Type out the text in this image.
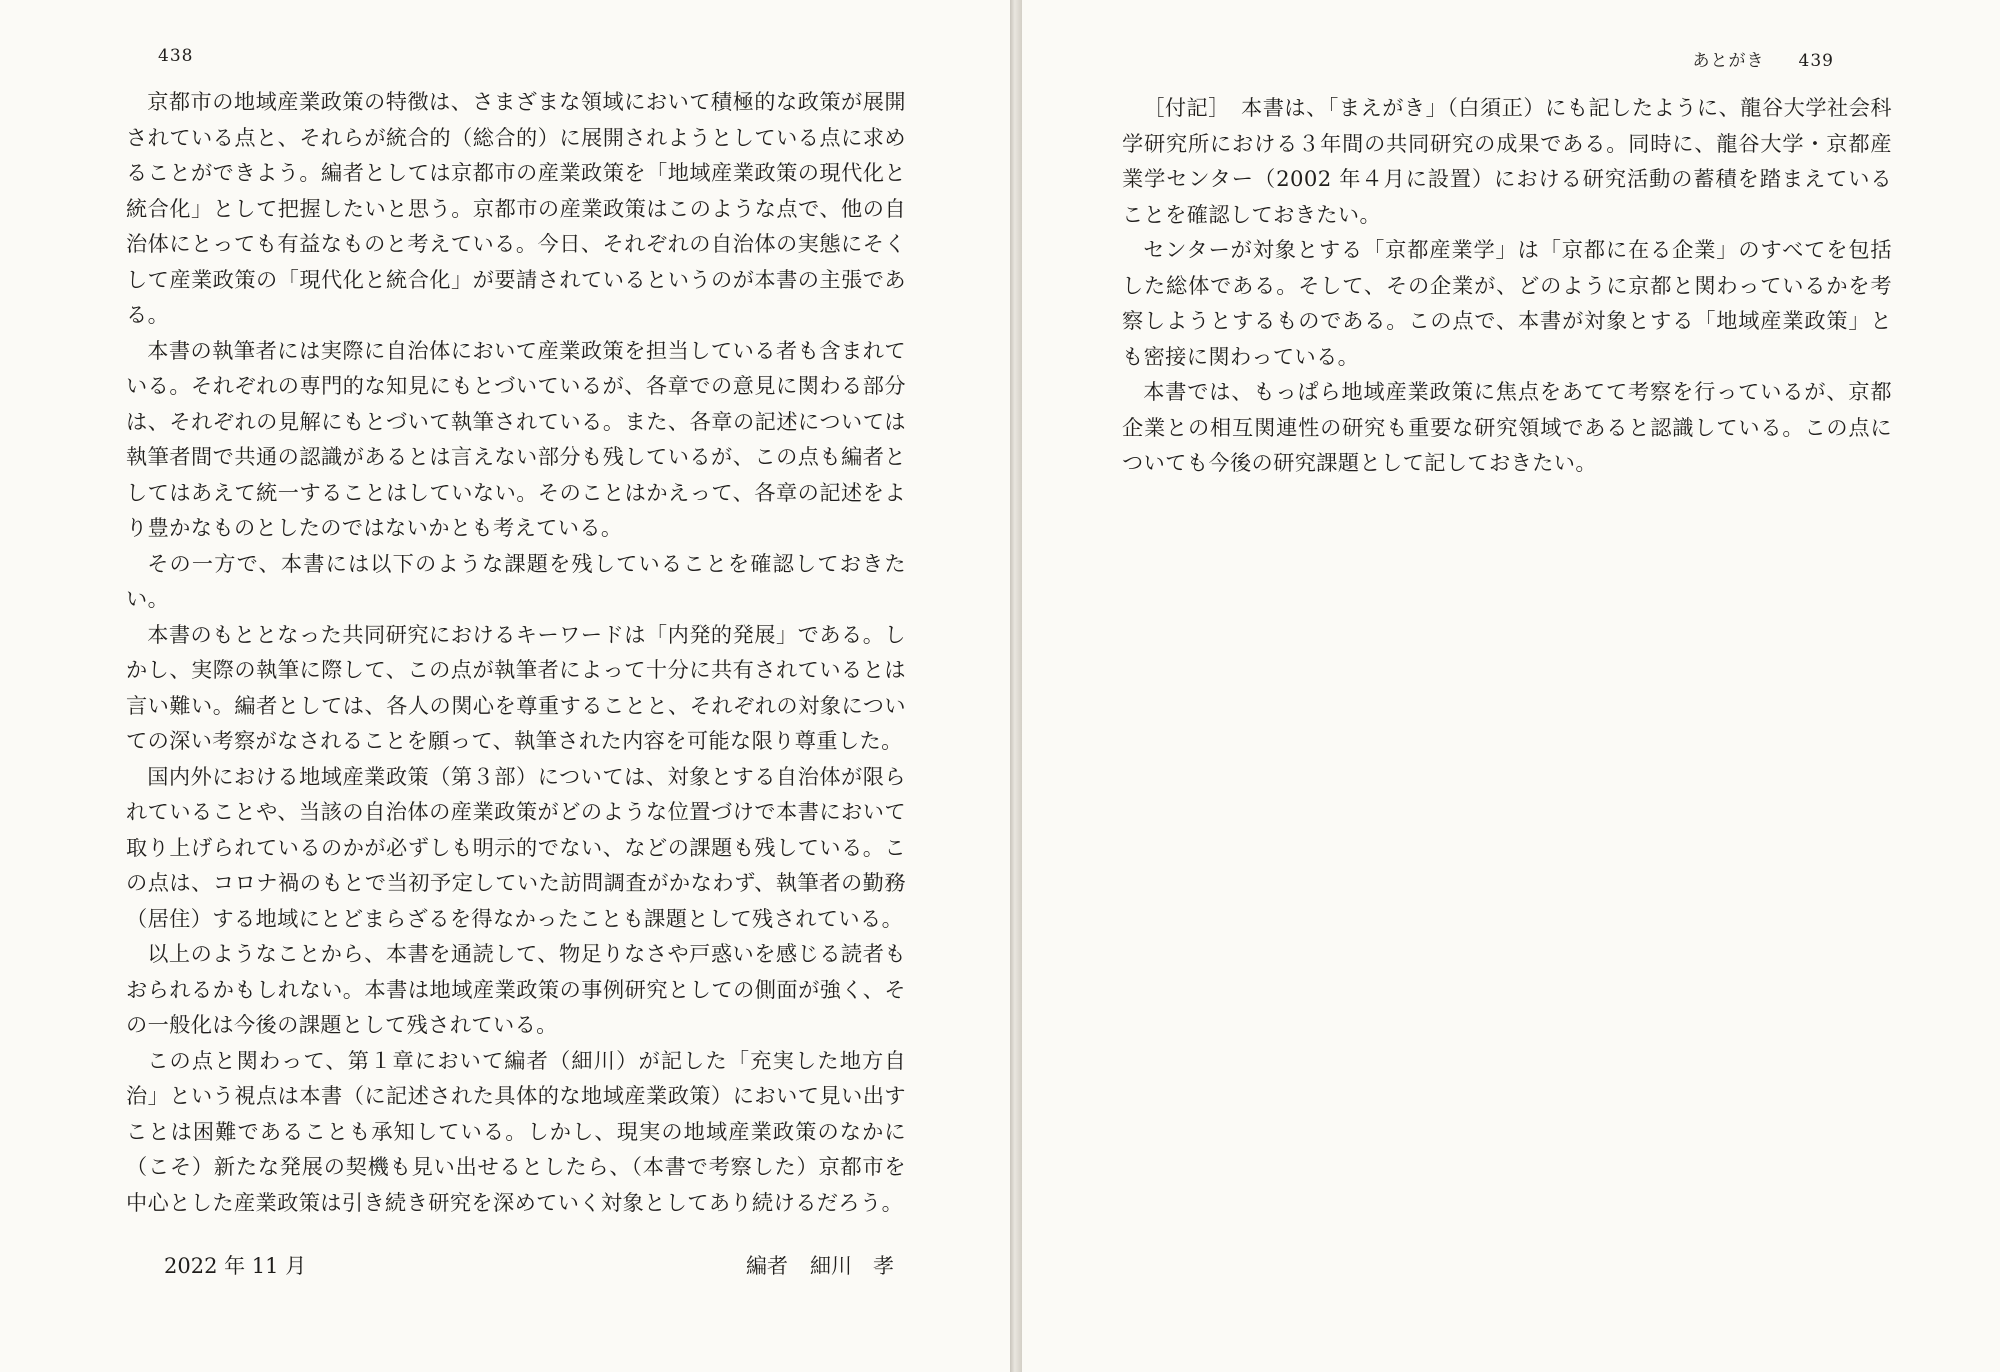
438

京都市の地域産業政策の特徴は、さまざまな領域において積極的な政策が展開されている点と、それらが統合的（総合的）に展開されようとしている点に求めることができよう。編者としては京都市の産業政策を「地域産業政策の現代化と統合化」として把握したいと思う。京都市の産業政策はこのような点で、他の自治体にとっても有益なものと考えている。今日、それぞれの自治体の実態にそくして産業政策の「現代化と統合化」が要請されているというのが本書の主張である。

本書の執筆者には実際に自治体において産業政策を担当している者も含まれている。それぞれの専門的な知見にもとづいているが、各章での意見に関わる部分は、それぞれの見解にもとづいて執筆されている。また、各章の記述については執筆者間で共通の認識があるとは言えない部分も残しているが、この点も編者としてはあえて統一することはしていない。そのことはかえって、各章の記述をより豊かなものとしたのではないかとも考えている。

その一方で、本書には以下のような課題を残していることを確認しておきたい。

本書のもととなった共同研究におけるキーワードは「内発的発展」である。しかし、実際の執筆に際して、この点が執筆者によって十分に共有されているとは言い難い。編者としては、各人の関心を尊重することと、それぞれの対象についての深い考察がなされることを願って、執筆された内容を可能な限り尊重した。

国内外における地域産業政策（第３部）については、対象とする自治体が限られていることや、当該の自治体の産業政策がどのような位置づけで本書において取り上げられているのかが必ずしも明示的でない、などの課題も残している。この点は、コロナ禍のもとで当初予定していた訪問調査がかなわず、執筆者の勤務（居住）する地域にとどまらざるを得なかったことも課題として残されている。

以上のようなことから、本書を通読して、物足りなさや戸惑いを感じる読者もおられるかもしれない。本書は地域産業政策の事例研究としての側面が強く、その一般化は今後の課題として残されている。

この点と関わって、第１章において編者（細川）が記した「充実した地方自治」という視点は本書（に記述された具体的な地域産業政策）において見い出すことは困難であることも承知している。しかし、現実の地域産業政策のなかに（こそ）新たな発展の契機も見い出せるとしたら、（本書で考察した）京都市を中心とした産業政策は引き続き研究を深めていく対象としてあり続けるだろう。

2022 年 11 月	編者 細川　孝
あとがき 439

［付記］　本書は、「まえがき」（白須正）にも記したように、龍谷大学社会科学研究所における３年間の共同研究の成果である。同時に、龍谷大学・京都産業学センター（2002 年４月に設置）における研究活動の蓄積を踏まえていることを確認しておきたい。

センターが対象とする「京都産業学」は「京都に在る企業」のすべてを包括した総体である。そして、その企業が、どのように京都と関わっているかを考察しようとするものである。この点で、本書が対象とする「地域産業政策」とも密接に関わっている。

本書では、もっぱら地域産業政策に焦点をあてて考察を行っているが、京都企業との相互関連性の研究も重要な研究領域であると認識している。この点についても今後の研究課題として記しておきたい。
